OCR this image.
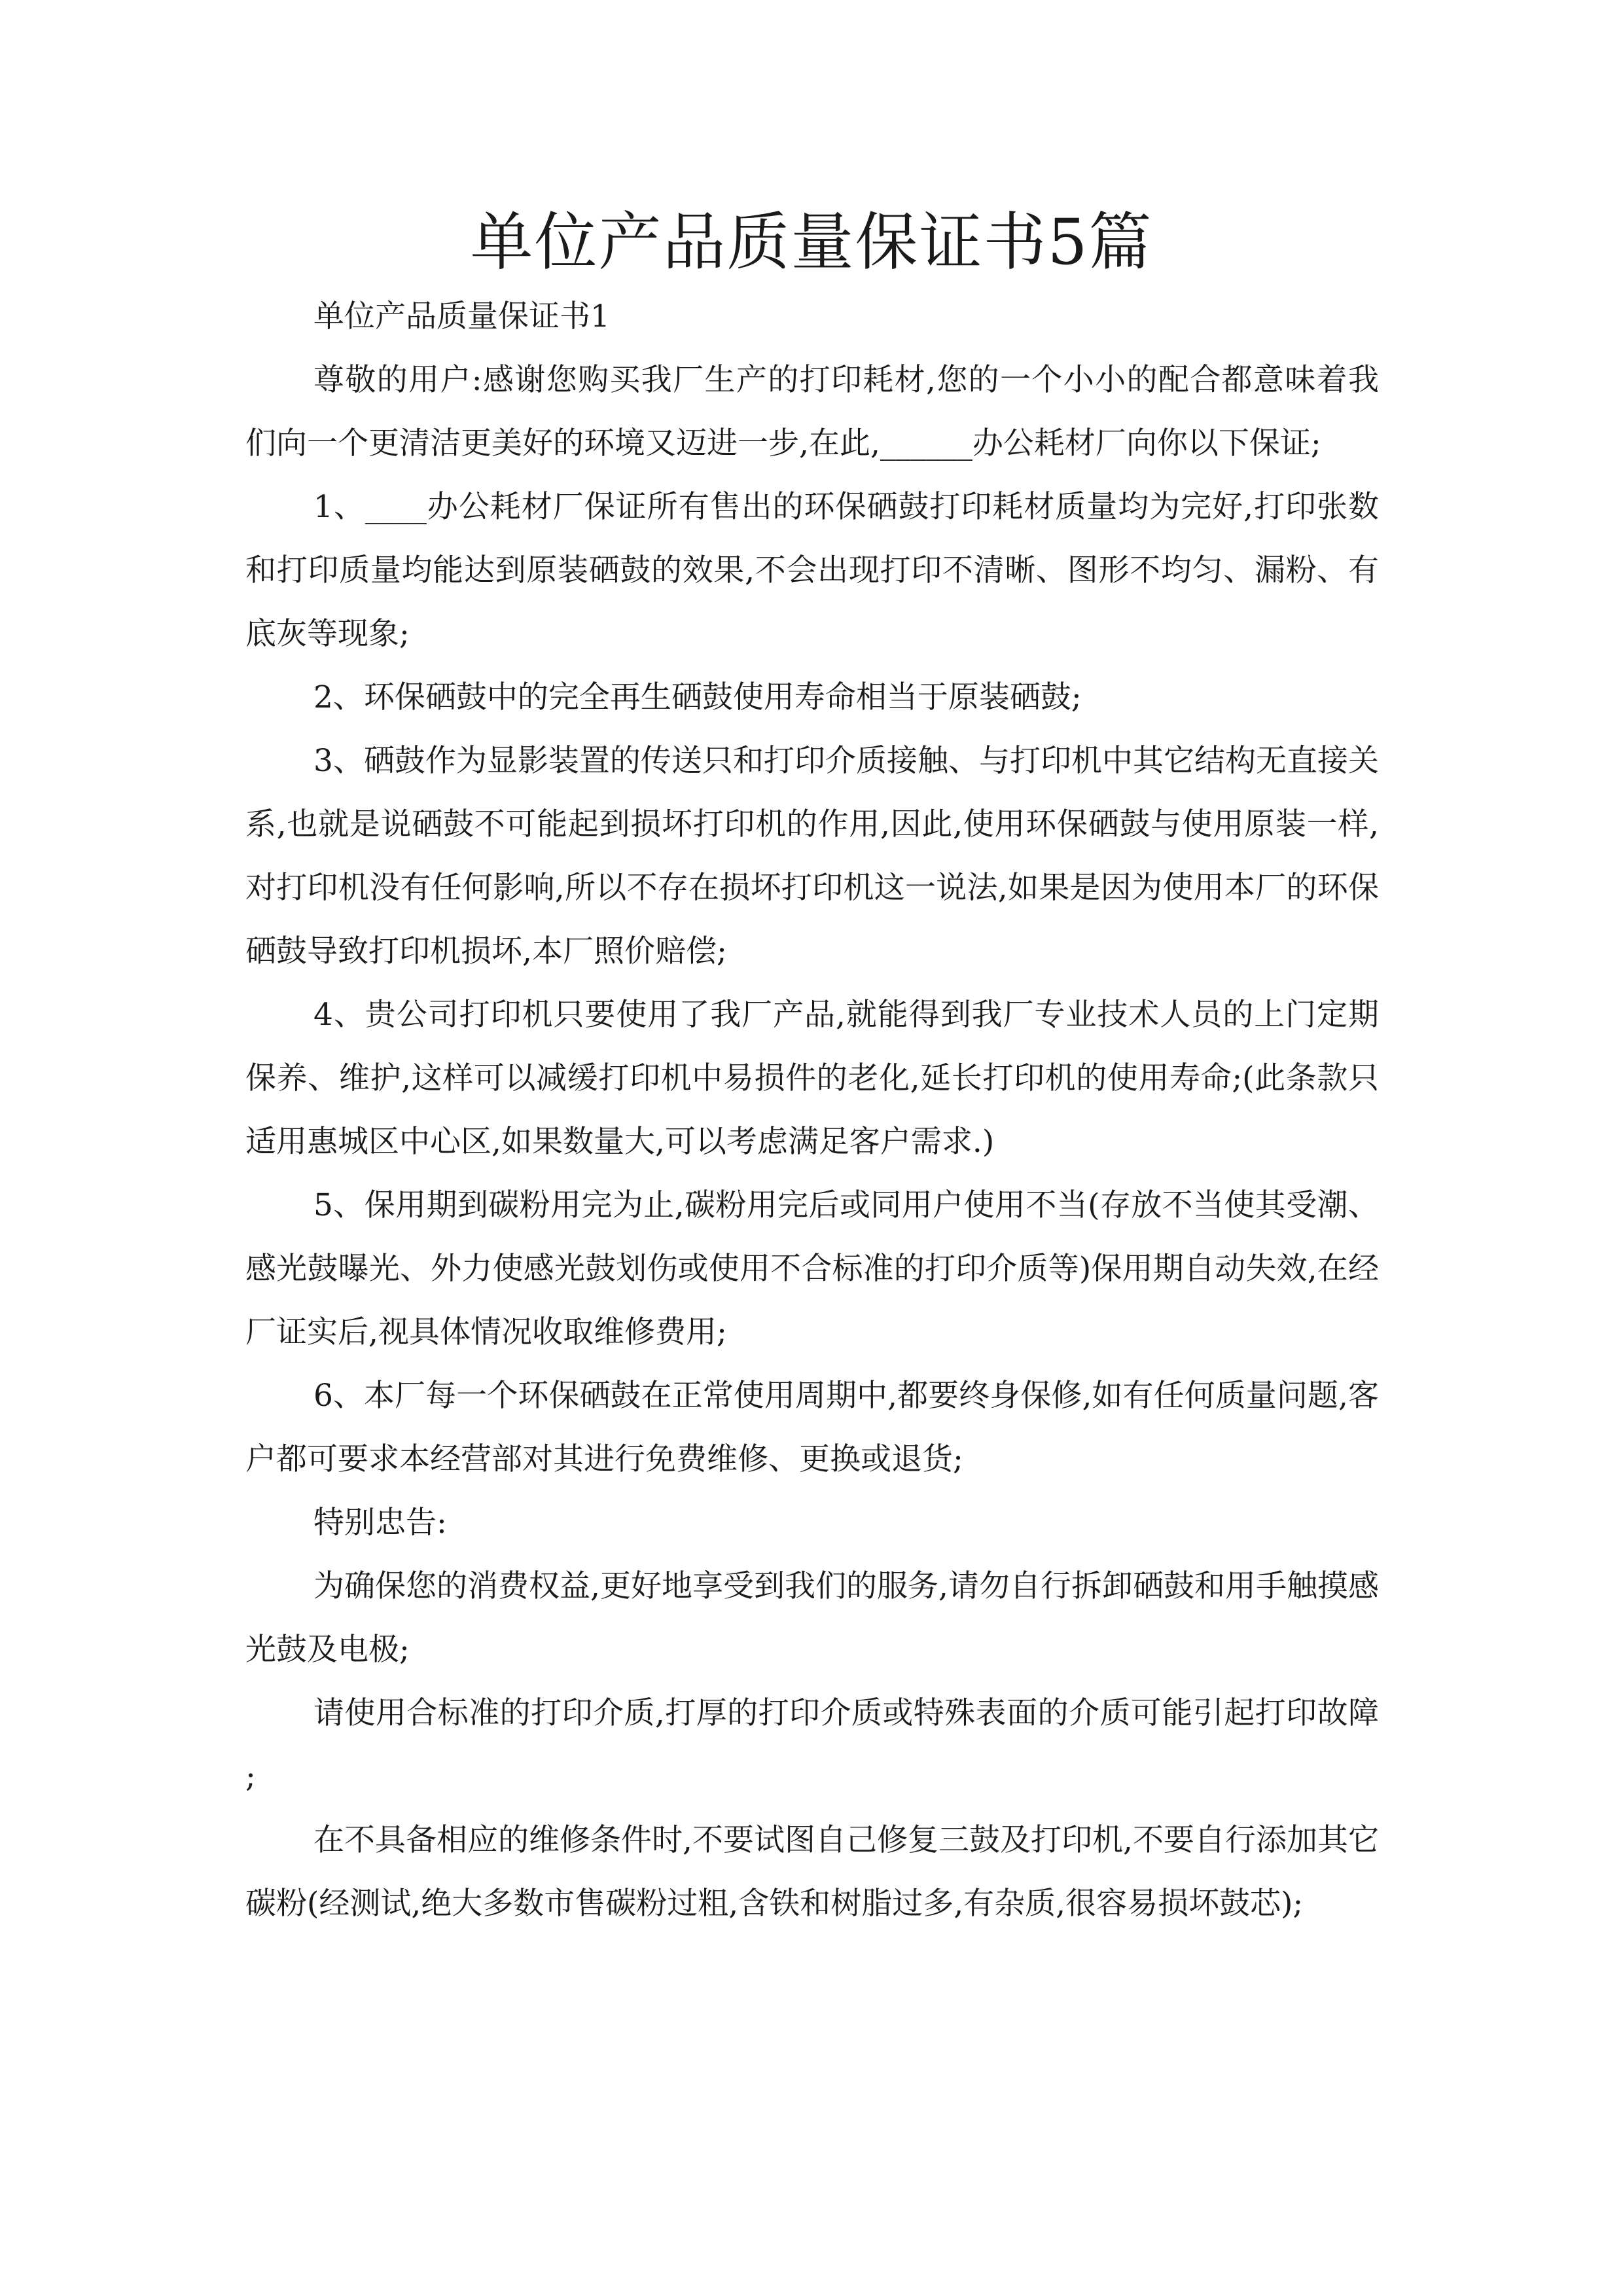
单位产品质量保证书5篇

单位产品质量保证书1

尊敬的用户:感谢您购买我厂生产的打印耗材,您的一个小小的配合都意味着我们向一个更清洁更美好的环境又迈进一步,在此,______办公耗材厂向你以下保证;

1、____办公耗材厂保证所有售出的环保硒鼓打印耗材质量均为完好,打印张数和打印质量均能达到原装硒鼓的效果,不会出现打印不清晰、图形不均匀、漏粉、有底灰等现象;

2、环保硒鼓中的完全再生硒鼓使用寿命相当于原装硒鼓;

3、硒鼓作为显影装置的传送只和打印介质接触、与打印机中其它结构无直接关系,也就是说硒鼓不可能起到损坏打印机的作用,因此,使用环保硒鼓与使用原装一样,对打印机没有任何影响,所以不存在损坏打印机这一说法,如果是因为使用本厂的环保硒鼓导致打印机损坏,本厂照价赔偿;

4、贵公司打印机只要使用了我厂产品,就能得到我厂专业技术人员的上门定期保养、维护,这样可以减缓打印机中易损件的老化,延长打印机的使用寿命;(此条款只适用惠城区中心区,如果数量大,可以考虑满足客户需求.)

5、保用期到碳粉用完为止,碳粉用完后或同用户使用不当(存放不当使其受潮、感光鼓曝光、外力使感光鼓划伤或使用不合标准的打印介质等)保用期自动失效,在经厂证实后,视具体情况收取维修费用;

6、本厂每一个环保硒鼓在正常使用周期中,都要终身保修,如有任何质量问题,客户都可要求本经营部对其进行免费维修、更换或退货;

特别忠告:

为确保您的消费权益,更好地享受到我们的服务,请勿自行拆卸硒鼓和用手触摸感光鼓及电极;

请使用合标准的打印介质,打厚的打印介质或特殊表面的介质可能引起打印故障;

在不具备相应的维修条件时,不要试图自己修复三鼓及打印机,不要自行添加其它碳粉(经测试,绝大多数市售碳粉过粗,含铁和树脂过多,有杂质,很容易损坏鼓芯);
